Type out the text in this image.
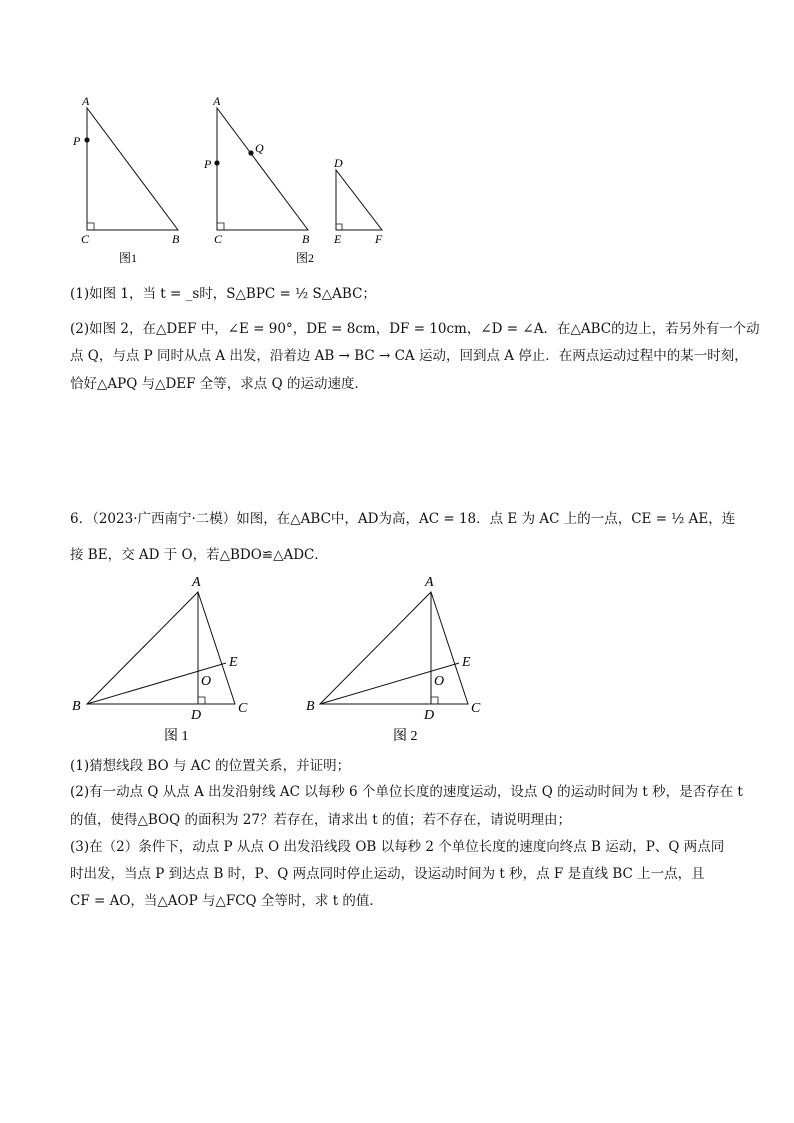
A
P
C	B
图1
A
P
Q
C	B
图2
D
E	F
(1)如图 1，当 t = _s时，S△BPC = ½ S△ABC；
(2)如图 2，在△DEF 中，∠E = 90°，DE = 8cm，DF = 10cm，∠D = ∠A．在△ABC的边上，若另外有一个动
点 Q，与点 P 同时从点 A 出发，沿着边 AB → BC → CA 运动，回到点 A 停止．在两点运动过程中的某一时刻，
恰好△APQ 与△DEF 全等，求点 Q 的运动速度．
6．（2023·广西南宁·二模）如图，在△ABC中，AD为高，AC = 18．点 E 为 AC 上的一点，CE = ½ AE，连
接 BE，交 AD 于 O，若△BDO≌△ADC．
A
B	C
D
E
O
图 1
A
B	C
D
E
O
图 2
(1)猜想线段 BO 与 AC 的位置关系，并证明；
(2)有一动点 Q 从点 A 出发沿射线 AC 以每秒 6 个单位长度的速度运动，设点 Q 的运动时间为 t 秒，是否存在 t
的值，使得△BOQ 的面积为 27？若存在，请求出 t 的值；若不存在，请说明理由；
(3)在（2）条件下，动点 P 从点 O 出发沿线段 OB 以每秒 2 个单位长度的速度向终点 B 运动，P、Q 两点同
时出发，当点 P 到达点 B 时，P、Q 两点同时停止运动，设运动时间为 t 秒，点 F 是直线 BC 上一点，且
CF = AO，当△AOP 与△FCQ 全等时，求 t 的值．
